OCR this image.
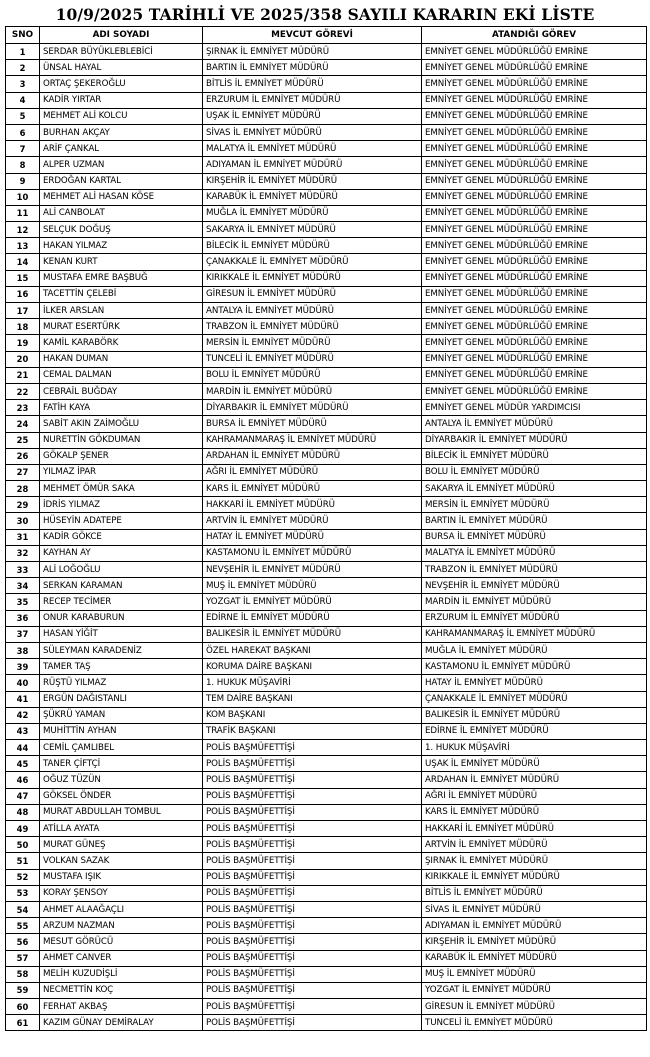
10/9/2025 TARİHLİ VE 2025/358 SAYILI KARARIN EKİ LİSTE
SNO	ADI SOYADI	MEVCUT GÖREVİ	ATANDIĞI GÖREV
1	SERDAR BÜYÜKLEBLEBİCİ	ŞIRNAK İL EMNİYET MÜDÜRÜ	EMNİYET GENEL MÜDÜRLÜĞÜ EMRİNE
2	ÜNSAL HAYAL	BARTIN İL EMNİYET MÜDÜRÜ	EMNİYET GENEL MÜDÜRLÜĞÜ EMRİNE
3	ORTAÇ ŞEKEROĞLU	BİTLİS İL EMNİYET MÜDÜRÜ	EMNİYET GENEL MÜDÜRLÜĞÜ EMRİNE
4	KADİR YIRTAR	ERZURUM İL EMNİYET MÜDÜRÜ	EMNİYET GENEL MÜDÜRLÜĞÜ EMRİNE
5	MEHMET ALİ KOLCU	UŞAK İL EMNİYET MÜDÜRÜ	EMNİYET GENEL MÜDÜRLÜĞÜ EMRİNE
6	BURHAN AKÇAY	SİVAS İL EMNİYET MÜDÜRÜ	EMNİYET GENEL MÜDÜRLÜĞÜ EMRİNE
7	ARİF ÇANKAL	MALATYA İL EMNİYET MÜDÜRÜ	EMNİYET GENEL MÜDÜRLÜĞÜ EMRİNE
8	ALPER UZMAN	ADIYAMAN İL EMNİYET MÜDÜRÜ	EMNİYET GENEL MÜDÜRLÜĞÜ EMRİNE
9	ERDOĞAN KARTAL	KIRŞEHİR İL EMNİYET MÜDÜRÜ	EMNİYET GENEL MÜDÜRLÜĞÜ EMRİNE
10	MEHMET ALİ HASAN KÖSE	KARABÜK İL EMNİYET MÜDÜRÜ	EMNİYET GENEL MÜDÜRLÜĞÜ EMRİNE
11	ALİ CANBOLAT	MUĞLA İL EMNİYET MÜDÜRÜ	EMNİYET GENEL MÜDÜRLÜĞÜ EMRİNE
12	SELÇUK DOĞUŞ	SAKARYA İL EMNİYET MÜDÜRÜ	EMNİYET GENEL MÜDÜRLÜĞÜ EMRİNE
13	HAKAN YILMAZ	BİLECİK İL EMNİYET MÜDÜRÜ	EMNİYET GENEL MÜDÜRLÜĞÜ EMRİNE
14	KENAN KURT	ÇANAKKALE İL EMNİYET MÜDÜRÜ	EMNİYET GENEL MÜDÜRLÜĞÜ EMRİNE
15	MUSTAFA EMRE BAŞBUĞ	KIRIKKALE İL EMNİYET MÜDÜRÜ	EMNİYET GENEL MÜDÜRLÜĞÜ EMRİNE
16	TACETTİN ÇELEBİ	GİRESUN İL EMNİYET MÜDÜRÜ	EMNİYET GENEL MÜDÜRLÜĞÜ EMRİNE
17	İLKER ARSLAN	ANTALYA İL EMNİYET MÜDÜRÜ	EMNİYET GENEL MÜDÜRLÜĞÜ EMRİNE
18	MURAT ESERTÜRK	TRABZON İL EMNİYET MÜDÜRÜ	EMNİYET GENEL MÜDÜRLÜĞÜ EMRİNE
19	KAMİL KARABÖRK	MERSİN İL EMNİYET MÜDÜRÜ	EMNİYET GENEL MÜDÜRLÜĞÜ EMRİNE
20	HAKAN DUMAN	TUNCELİ İL EMNİYET MÜDÜRÜ	EMNİYET GENEL MÜDÜRLÜĞÜ EMRİNE
21	CEMAL DALMAN	BOLU İL EMNİYET MÜDÜRÜ	EMNİYET GENEL MÜDÜRLÜĞÜ EMRİNE
22	CEBRAİL BUĞDAY	MARDİN İL EMNİYET MÜDÜRÜ	EMNİYET GENEL MÜDÜRLÜĞÜ EMRİNE
23	FATİH KAYA	DİYARBAKIR İL EMNİYET MÜDÜRÜ	EMNİYET GENEL MÜDÜR YARDIMCISI
24	SABİT AKIN ZAİMOĞLU	BURSA İL EMNİYET MÜDÜRÜ	ANTALYA İL EMNİYET MÜDÜRÜ
25	NURETTİN GÖKDUMAN	KAHRAMANMARAŞ İL EMNİYET MÜDÜRÜ	DİYARBAKIR İL EMNİYET MÜDÜRÜ
26	GÖKALP ŞENER	ARDAHAN İL EMNİYET MÜDÜRÜ	BİLECİK İL EMNİYET MÜDÜRÜ
27	YILMAZ İPAR	AĞRI İL EMNİYET MÜDÜRÜ	BOLU İL EMNİYET MÜDÜRÜ
28	MEHMET ÖMÜR SAKA	KARS İL EMNİYET MÜDÜRÜ	SAKARYA İL EMNİYET MÜDÜRÜ
29	İDRİS YILMAZ	HAKKARİ İL EMNİYET MÜDÜRÜ	MERSİN İL EMNİYET MÜDÜRÜ
30	HÜSEYİN ADATEPE	ARTVİN İL EMNİYET MÜDÜRÜ	BARTIN İL EMNİYET MÜDÜRÜ
31	KADİR GÖKCE	HATAY İL EMNİYET MÜDÜRÜ	BURSA İL EMNİYET MÜDÜRÜ
32	KAYHAN AY	KASTAMONU İL EMNİYET MÜDÜRÜ	MALATYA İL EMNİYET MÜDÜRÜ
33	ALİ LOĞOĞLU	NEVŞEHİR İL EMNİYET MÜDÜRÜ	TRABZON İL EMNİYET MÜDÜRÜ
34	SERKAN KARAMAN	MUŞ İL EMNİYET MÜDÜRÜ	NEVŞEHİR İL EMNİYET MÜDÜRÜ
35	RECEP TECİMER	YOZGAT İL EMNİYET MÜDÜRÜ	MARDİN İL EMNİYET MÜDÜRÜ
36	ONUR KARABURUN	EDİRNE İL EMNİYET MÜDÜRÜ	ERZURUM İL EMNİYET MÜDÜRÜ
37	HASAN YİĞİT	BALIKESİR İL EMNİYET MÜDÜRÜ	KAHRAMANMARAŞ İL EMNİYET MÜDÜRÜ
38	SÜLEYMAN KARADENİZ	ÖZEL HAREKAT BAŞKANI	MUĞLA İL EMNİYET MÜDÜRÜ
39	TAMER TAŞ	KORUMA DAİRE BAŞKANI	KASTAMONU İL EMNİYET MÜDÜRÜ
40	RÜŞTÜ YILMAZ	1. HUKUK MÜŞAVİRİ	HATAY İL EMNİYET MÜDÜRÜ
41	ERGÜN DAĞISTANLI	TEM DAİRE BAŞKANI	ÇANAKKALE İL EMNİYET MÜDÜRÜ
42	ŞÜKRÜ YAMAN	KOM BAŞKANI	BALIKESİR İL EMNİYET MÜDÜRÜ
43	MUHİTTİN AYHAN	TRAFİK BAŞKANI	EDİRNE İL EMNİYET MÜDÜRÜ
44	CEMİL ÇAMLIBEL	POLİS BAŞMÜFETTİŞİ	1. HUKUK MÜŞAVİRİ
45	TANER ÇİFTÇİ	POLİS BAŞMÜFETTİŞİ	UŞAK İL EMNİYET MÜDÜRÜ
46	OĞUZ TÜZÜN	POLİS BAŞMÜFETTİŞİ	ARDAHAN İL EMNİYET MÜDÜRÜ
47	GÖKSEL ÖNDER	POLİS BAŞMÜFETTİŞİ	AĞRI İL EMNİYET MÜDÜRÜ
48	MURAT ABDULLAH TOMBUL	POLİS BAŞMÜFETTİŞİ	KARS İL EMNİYET MÜDÜRÜ
49	ATİLLA AYATA	POLİS BAŞMÜFETTİŞİ	HAKKARİ İL EMNİYET MÜDÜRÜ
50	MURAT GÜNEŞ	POLİS BAŞMÜFETTİŞİ	ARTVİN İL EMNİYET MÜDÜRÜ
51	VOLKAN SAZAK	POLİS BAŞMÜFETTİŞİ	ŞIRNAK İL EMNİYET MÜDÜRÜ
52	MUSTAFA IŞIK	POLİS BAŞMÜFETTİŞİ	KIRIKKALE İL EMNİYET MÜDÜRÜ
53	KORAY ŞENSOY	POLİS BAŞMÜFETTİŞİ	BİTLİS İL EMNİYET MÜDÜRÜ
54	AHMET ALAAĞAÇLI	POLİS BAŞMÜFETTİŞİ	SİVAS İL EMNİYET MÜDÜRÜ
55	ARZUM NAZMAN	POLİS BAŞMÜFETTİŞİ	ADIYAMAN İL EMNİYET MÜDÜRÜ
56	MESUT GÖRÜCÜ	POLİS BAŞMÜFETTİŞİ	KIRŞEHİR İL EMNİYET MÜDÜRÜ
57	AHMET CANVER	POLİS BAŞMÜFETTİŞİ	KARABÜK İL EMNİYET MÜDÜRÜ
58	MELİH KUZUDİŞLİ	POLİS BAŞMÜFETTİŞİ	MUŞ İL EMNİYET MÜDÜRÜ
59	NECMETTİN KOÇ	POLİS BAŞMÜFETTİŞİ	YOZGAT İL EMNİYET MÜDÜRÜ
60	FERHAT AKBAŞ	POLİS BAŞMÜFETTİŞİ	GİRESUN İL EMNİYET MÜDÜRÜ
61	KAZIM GÜNAY DEMİRALAY	POLİS BAŞMÜFETTİŞİ	TUNCELİ İL EMNİYET MÜDÜRÜ
